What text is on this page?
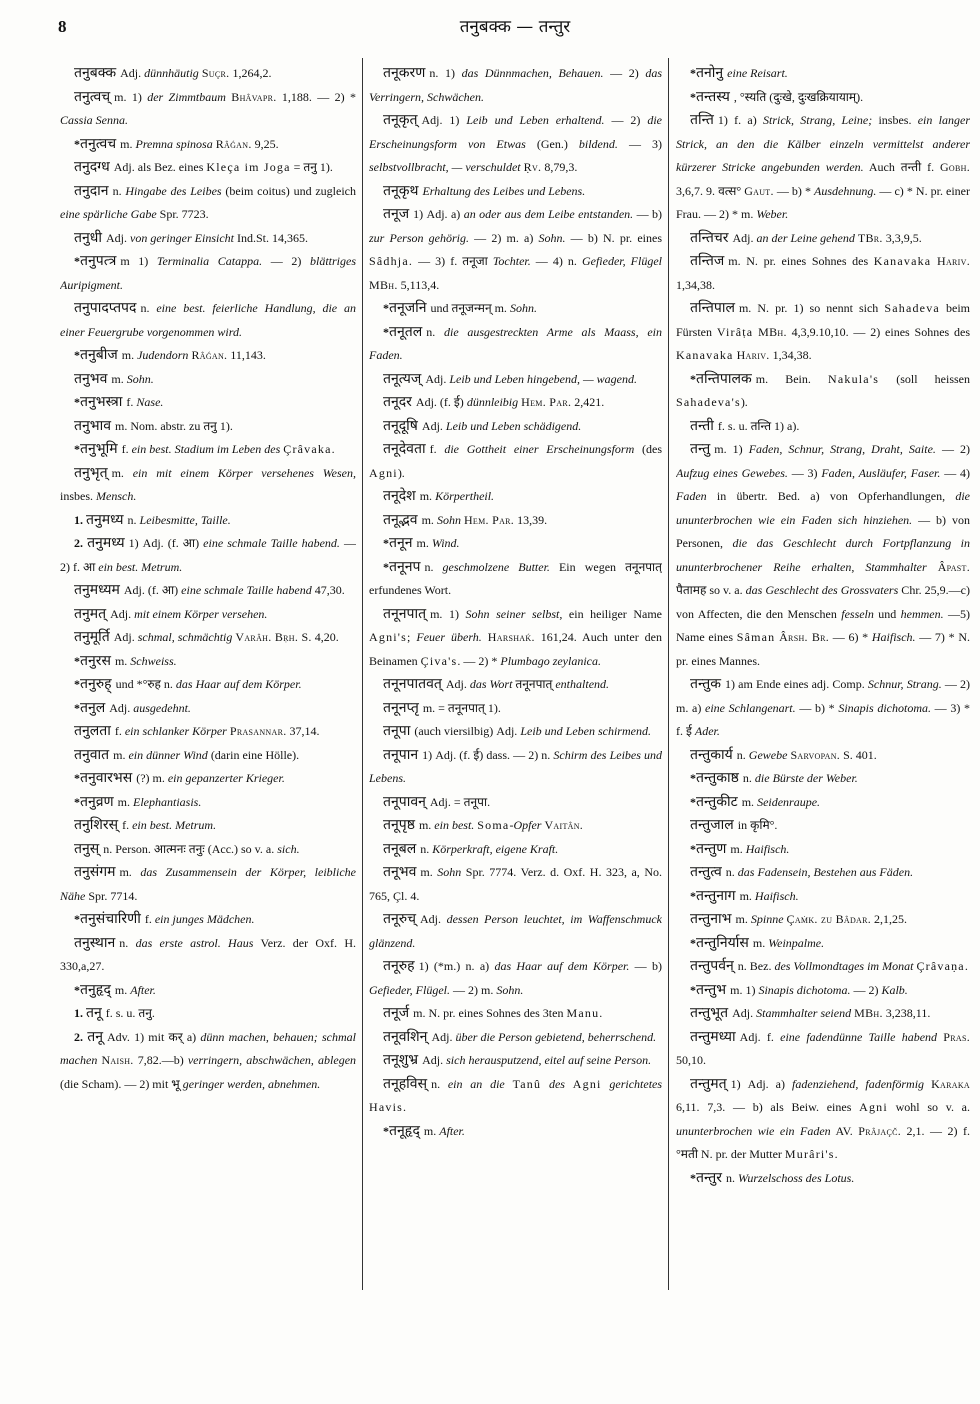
8	तनुबक्क — तन्तुर

तनुबक्क Adj. dünnhäutig Suçr. 1,264,2.

तनुत्वच् m. 1) der Zimmtbaum Bhâvapr. 1,188. — 2) * Cassia Senna.

*तनुत्वच m. Premna spinosa Râǵan. 9,25.

तनुदग्ध Adj. als Bez. eines Kleça im Joga = तनु 1).

तनुदान n. Hingabe des Leibes (beim coitus) und zugleich eine spärliche Gabe Spr. 7723.

तनुधी Adj. von geringer Einsicht Ind.St. 14,365.

*तनुपत्त्र m 1) Terminalia Catappa. — 2) blättriges Auripigment.

तनुपादप्तपद n. eine best. feierliche Handlung, die an einer Feuergrube vorgenommen wird.

*तनुबीज m. Judendorn Râǵan. 11,143.

तनुभव m. Sohn.

*तनुभस्त्रा f. Nase.

तनुभाव m. Nom. abstr. zu तनु 1).

*तनुभूमि f. ein best. Stadium im Leben des Çrâvaka.

तनुभृत् m. ein mit einem Körper versehenes Wesen, insbes. Mensch.

1. तनुमध्य n. Leibesmitte, Taille.

2. तनुमध्य 1) Adj. (f. आ) eine schmale Taille habend. — 2) f. आ ein best. Metrum.

तनुमध्यम Adj. (f. आ) eine schmale Taille habend 47,30.

तनुमत् Adj. mit einem Körper versehen.

तनुमूर्ति Adj. schmal, schmächtig Varâh. Bṛh. S. 4,20.

*तनुरस m. Schweiss.

*तनुरुह् und *°रुह n. das Haar auf dem Körper.

*तनुल Adj. ausgedehnt.

तनुलता f. ein schlanker Körper Prasannar. 37,14.

तनुवात m. ein dünner Wind (darin eine Hölle).

*तनुवारभस (?) m. ein gepanzerter Krieger.

*तनुव्रण m. Elephantiasis.

तनुशिरस् f. ein best. Metrum.

तनुस् n. Person. आत्मनः तनुः (Acc.) so v. a. sich.

तनुसंगम m. das Zusammensein der Körper, leibliche Nähe Spr. 7714.

*तनुसंचारिणी f. ein junges Mädchen.

तनुस्थान n. das erste astrol. Haus Verz. der Oxf. H. 330,a,27.

*तनुहृद् m. After.

1. तनू f. s. u. तनु.

2. तनू Adv. 1) mit कर् a) dünn machen, behauen; schmal machen Naish. 7,82.—b) verringern, abschwächen, ablegen (die Scham). — 2) mit भू geringer werden, abnehmen.

तनूकरण n. 1) das Dünnmachen, Behauen. — 2) das Verringern, Schwächen.

तनूकृत् Adj. 1) Leib und Leben erhaltend. — 2) die Erscheinungsform von Etwas (Gen.) bildend. — 3) selbstvollbracht, — verschuldet Ṛv. 8,79,3.

तनूकृथ Erhaltung des Leibes und Lebens.

तनूज 1) Adj. a) an oder aus dem Leibe entstanden. — b) zur Person gehörig. — 2) m. a) Sohn. — b) N. pr. eines Sâdhja. — 3) f. तनूजा Tochter. — 4) n. Gefieder, Flügel MBh. 5,113,4.

*तनूजनि und तनूजन्मन् m. Sohn.

*तनूतल n. die ausgestreckten Arme als Maass, ein Faden.

तनूत्यज् Adj. Leib und Leben hingebend, — wagend.

तनूदर Adj. (f. ई) dünnleibig Hem. Par. 2,421.

तनूदूषि Adj. Leib und Leben schädigend.

तनूदेवता f. die Gottheit einer Erscheinungsform (des Agni).

तनूदेश m. Körpertheil.

तनूद्भव m. Sohn Hem. Par. 13,39.

*तनून m. Wind.

*तनूनप n. geschmolzene Butter. Ein wegen तनूनपात् erfundenes Wort.

तनूनपात् m. 1) Sohn seiner selbst, ein heiliger Name Agni's; Feuer überh. Harshaḱ. 161,24. Auch unter den Beinamen Çiva's. — 2) * Plumbago zeylanica.

तनूनपातवत् Adj. das Wort तनूनपात् enthaltend.

तनूनप्तृ m. = तनूनपात् 1).

तनूपा (auch viersilbig) Adj. Leib und Leben schirmend.

तनूपान 1) Adj. (f. ई) dass. — 2) n. Schirm des Leibes und Lebens.

तनूपावन् Adj. = तनूपा.

तनूपृष्ठ m. ein best. Soma-Opfer Vaitân.

तनूबल n. Körperkraft, eigene Kraft.

तनूभव m. Sohn Spr. 7774. Verz. d. Oxf. H. 323, a, No. 765, Çl. 4.

तनूरुच् Adj. dessen Person leuchtet, im Waffenschmuck glänzend.

तनूरुह 1) (*m.) n. a) das Haar auf dem Körper. — b) Gefieder, Flügel. — 2) m. Sohn.

तनूर्ज m. N. pr. eines Sohnes des 3ten Manu.

तनूवशिन् Adj. über die Person gebietend, beherrschend.

तनूशुभ्र Adj. sich herausputzend, eitel auf seine Person.

तनूहविस् n. ein an die Tanû des Agni gerichtetes Havis.

*तनूहृद् m. After.

*तनोनु eine Reisart.

*तन्तस्य , °स्यति (दुःखे, दुःखक्रियायाम्).

तन्ति 1) f. a) Strick, Strang, Leine; insbes. ein langer Strick, an den die Kälber einzeln vermittelst anderer kürzerer Stricke angebunden werden. Auch तन्ती f. Gobh. 3,6,7. 9. वत्स° Gaut. — b) * Ausdehnung. — c) * N. pr. einer Frau. — 2) * m. Weber.

तन्तिचर Adj. an der Leine gehend TBr. 3,3,9,5.

तन्तिज m. N. pr. eines Sohnes des Kanavaka Hariv. 1,34,38.

तन्तिपाल m. N. pr. 1) so nennt sich Sahadeva beim Fürsten Virâṭa MBh. 4,3,9.10,10. — 2) eines Sohnes des Kanavaka Hariv. 1,34,38.

*तन्तिपालक m. Bein. Nakula's (soll heissen Sahadeva's).

तन्ती f. s. u. तन्ति 1) a).

तन्तु m. 1) Faden, Schnur, Strang, Draht, Saite. — 2) Aufzug eines Gewebes. — 3) Faden, Ausläufer, Faser. — 4) Faden in übertr. Bed. a) von Opferhandlungen, die ununterbrochen wie ein Faden sich hinziehen. — b) von Personen, die das Geschlecht durch Fortpflanzung in ununterbrochener Reihe erhalten, Stammhalter Âpast. पैतामह so v. a. das Geschlecht des Grossvaters Chr. 25,9.—c) von Affecten, die den Menschen fesseln und hemmen. —5) Name eines Sâman Ârsh. Br. — 6) * Haifisch. — 7) * N. pr. eines Mannes.

तन्तुक 1) am Ende eines adj. Comp. Schnur, Strang. — 2) m. a) eine Schlangenart. — b) * Sinapis dichotoma. — 3) * f. ई Ader.

तन्तुकार्य n. Gewebe Sarvopan. S. 401.

*तन्तुकाष्ठ n. die Bürste der Weber.

*तन्तुकीट m. Seidenraupe.

तन्तुजाल in कृमि°.

*तन्तुण m. Haifisch.

तन्तुत्व n. das Fadensein, Bestehen aus Fäden.

*तन्तुनाग m. Haifisch.

तन्तुनाभ m. Spinne Çaṁk. zu Bâdar. 2,1,25.

*तन्तुनिर्यास m. Weinpalme.

तन्तुपर्वन् n. Bez. des Vollmondtages im Monat Çrâvaṇa.

*तन्तुभ m. 1) Sinapis dichotoma. — 2) Kalb.

तन्तुभूत Adj. Stammhalter seiend MBh. 3,238,11.

तन्तुमध्या Adj. f. eine fadendünne Taille habend Pras. 50,10.

तन्तुमत् 1) Adj. a) fadenziehend, fadenförmig Karaka 6,11. 7,3. — b) als Beiw. eines Agni wohl so v. a. ununterbrochen wie ein Faden AV. Prâjaçč. 2,1. — 2) f. °मती N. pr. der Mutter Murâri's.

*तन्तुर n. Wurzelschoss des Lotus.
